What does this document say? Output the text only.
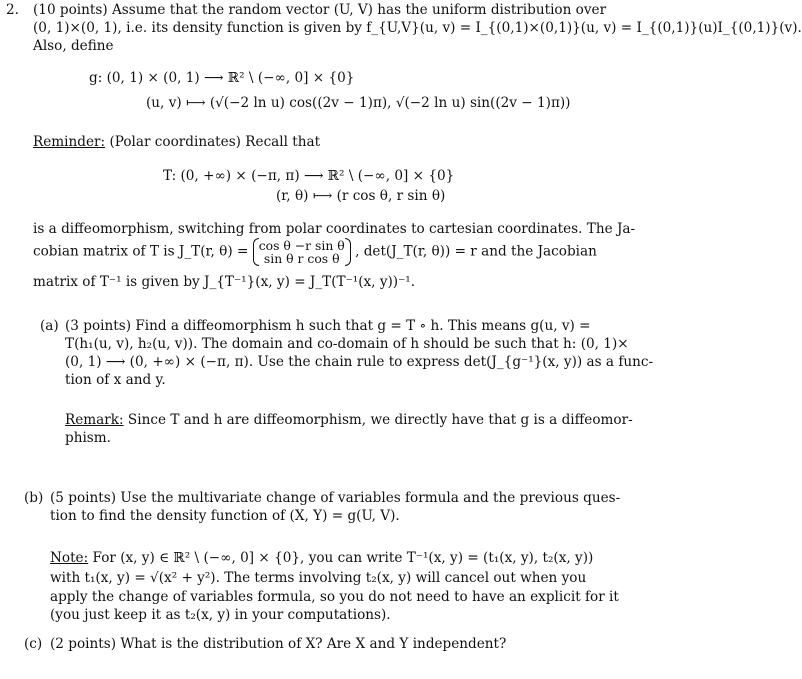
2. (10 points) Assume that the random vector (U, V) has the uniform distribution over
(0, 1)×(0, 1), i.e. its density function is given by f_{U,V}(u, v) = I_{(0,1)×(0,1)}(u, v) = I_{(0,1)}(u)I_{(0,1)}(v).
Also, define
g: (0, 1) × (0, 1) ⟶ ℝ² \ (−∞, 0] × {0}
(u, v) ⟼ (√(−2 ln u) cos((2v − 1)π), √(−2 ln u) sin((2v − 1)π))
Reminder: (Polar coordinates) Recall that
T: (0, +∞) × (−π, π) ⟶ ℝ² \ (−∞, 0] × {0}
(r, θ) ⟼ (r cos θ, r sin θ)
is a diffeomorphism, switching from polar coordinates to cartesian coordinates. The Ja-
cobian matrix of T is J_T(r, θ) = cos θ −r sin θ
sin θ r cos θ	, det(J_T(r, θ)) = r and the Jacobian
matrix of T⁻¹ is given by J_{T⁻¹}(x, y) = J_T(T⁻¹(x, y))⁻¹.
(a) (3 points) Find a diffeomorphism h such that g = T ∘ h. This means g(u, v) =
T(h₁(u, v), h₂(u, v)). The domain and co-domain of h should be such that h: (0, 1)×
(0, 1) ⟶ (0, +∞) × (−π, π). Use the chain rule to express det(J_{g⁻¹}(x, y)) as a func-
tion of x and y.
Remark: Since T and h are diffeomorphism, we directly have that g is a diffeomor-
phism.
(b) (5 points) Use the multivariate change of variables formula and the previous ques-
tion to find the density function of (X, Y) = g(U, V).
Note: For (x, y) ∈ ℝ² \ (−∞, 0] × {0}, you can write T⁻¹(x, y) = (t₁(x, y), t₂(x, y))
with t₁(x, y) = √(x² + y²). The terms involving t₂(x, y) will cancel out when you
apply the change of variables formula, so you do not need to have an explicit for it
(you just keep it as t₂(x, y) in your computations).
(c) (2 points) What is the distribution of X? Are X and Y independent?
